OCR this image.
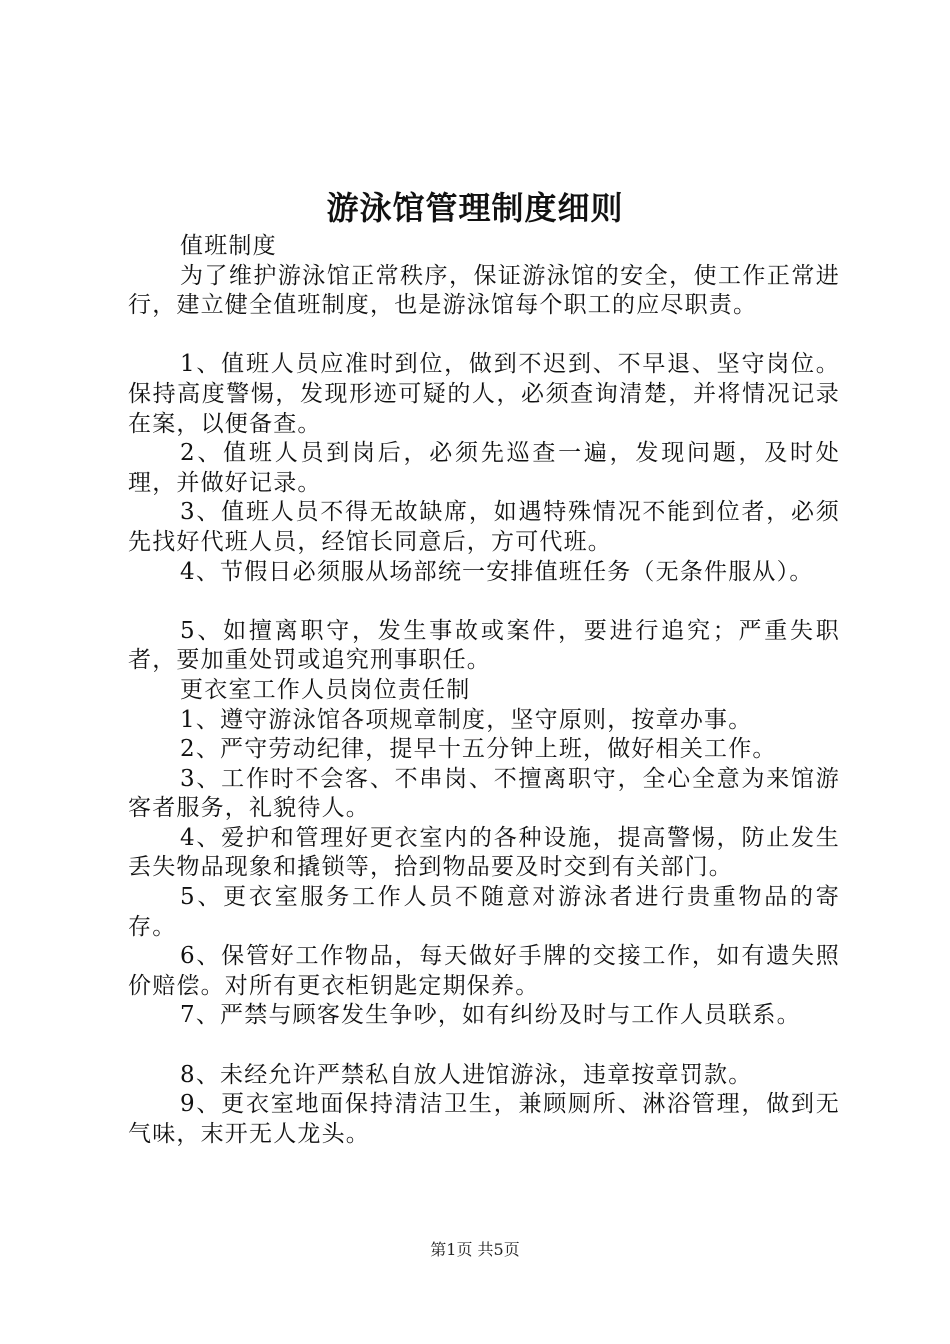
游泳馆管理制度细则

值班制度

为了维护游泳馆正常秩序，保证游泳馆的安全，使工作正常进行，建立健全值班制度，也是游泳馆每个职工的应尽职责。

1、值班人员应准时到位，做到不迟到、不早退、坚守岗位。保持高度警惕，发现形迹可疑的人，必须查询清楚，并将情况记录在案，以便备查。

2、值班人员到岗后，必须先巡查一遍，发现问题，及时处理，并做好记录。

3、值班人员不得无故缺席，如遇特殊情况不能到位者，必须先找好代班人员，经馆长同意后，方可代班。

4、节假日必须服从场部统一安排值班任务（无条件服从）。

5、如擅离职守，发生事故或案件，要进行追究；严重失职者，要加重处罚或追究刑事职任。

更衣室工作人员岗位责任制

1、遵守游泳馆各项规章制度，坚守原则，按章办事。

2、严守劳动纪律，提早十五分钟上班，做好相关工作。

3、工作时不会客、不串岗、不擅离职守，全心全意为来馆游客者服务，礼貌待人。

4、爱护和管理好更衣室内的各种设施，提高警惕，防止发生丢失物品现象和撬锁等，拾到物品要及时交到有关部门。

5、更衣室服务工作人员不随意对游泳者进行贵重物品的寄存。

6、保管好工作物品，每天做好手牌的交接工作，如有遗失照价赔偿。对所有更衣柜钥匙定期保养。

7、严禁与顾客发生争吵，如有纠纷及时与工作人员联系。

8、未经允许严禁私自放人进馆游泳，违章按章罚款。

9、更衣室地面保持清洁卫生，兼顾厕所、淋浴管理，做到无气味，末开无人龙头。

第1页 共5页
